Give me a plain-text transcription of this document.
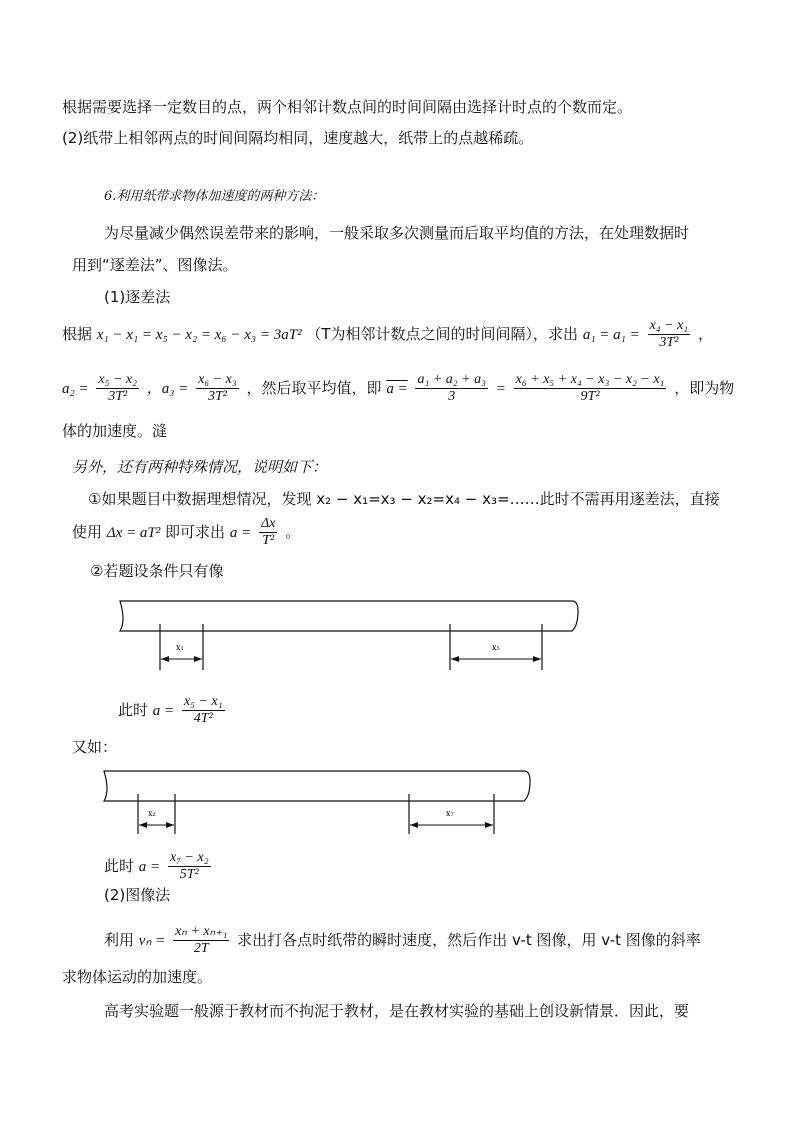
根据需要选择一定数目的点，两个相邻计数点间的时间间隔由选择计时点的个数而定。
(2)纸带上相邻两点的时间间隔均相同，速度越大，纸带上的点越稀疏。
6.利用纸带求物体加速度的两种方法：
为尽量减少偶然误差带来的影响，一般采取多次测量而后取平均值的方法，在处理数据时
用到“逐差法”、图像法。
(1)逐差法
根据 x₁ − x₁ = x₅ − x₂ = x₆ − x₃ = 3aT² （T为相邻计数点之间的时间间隔），求出 $a_1 = a_1 = \frac{\text{x₄ − x₁}}{\text{3T²}}$ ，
$a_2 = \frac{\text{x₅ − x₂}}{\text{3T²}}$ ，$a_3 = \frac{\text{x₆ − x₃}}{\text{3T²}}$ ，然后取平均值，即 $a = \frac{\text{a₁ + a₂ + a₃}}{3} = \frac{\text{x₆ + x₅ + x₄ − x₃ − x₂ − x₁}}{\text{9T²}}$ ，即为物
体的加速度。漨
另外，还有两种特殊情况，说明如下：
①如果题目中数据理想情况，发现 x₂ − x₁=x₃ − x₂=x₄ − x₃=……此时不需再用逐差法，直接
使用 Δx = aT² 即可求出 $a = \frac{\Delta x}{\text{T²}}$ 。
②若题设条件只有像
x₁	x₅
此时 $a = \frac{\text{x₅ − x₁}}{\text{4T²}}$
又如：
x₂	x₇
此时 $a = \frac{\text{x₇ − x₂}}{\text{5T²}}$
(2)图像法
利用 $v_n = \frac{\text{xₙ + xₙ₊₁}}{2T}$ 求出打各点时纸带的瞬时速度，然后作出 v-t 图像，用 v-t 图像的斜率
求物体运动的加速度。
高考实验题一般源于教材而不拘泥于教材，是在教材实验的基础上创设新情景．因此，要
